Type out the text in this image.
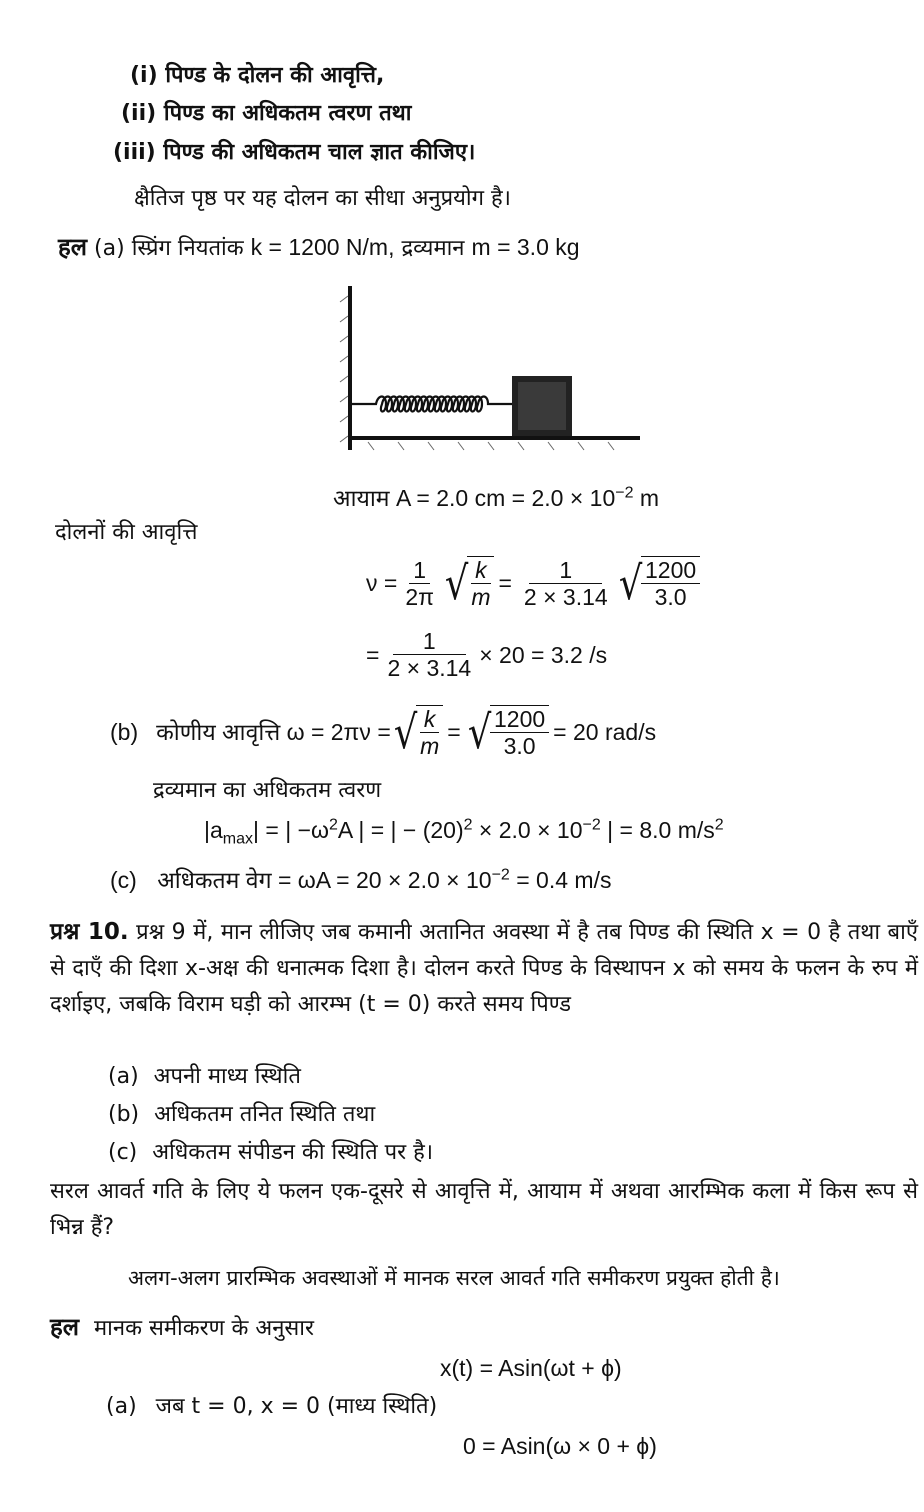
(i) पिण्ड के दोलन की आवृत्ति,
(ii) पिण्ड का अधिकतम त्वरण तथा
(iii) पिण्ड की अधिकतम चाल ज्ञात कीजिए।
क्षैतिज पृष्ठ पर यह दोलन का सीधा अनुप्रयोग है।
हल (a) स्प्रिंग नियतांक k = 1200 N/m, द्रव्यमान m = 3.0 kg
आयाम A = 2.0 cm = $2.0 \times 10^{-2}$ m
दोलनों की आवृत्ति
$\nu = \frac{1}{2\pi}$ √
$\frac{k}{m} = \frac{1}{2 \times 3.14}$ √
$\frac{1200}{3.0}$
= $\frac{1}{2 \times 3.14} \times 20 = 3.2$ /s
(b) कोणीय आवृत्ति ω = 2πν = √
$\frac{k}{m}$ = √
$\frac{1200}{3.0} = 20$ rad/s
द्रव्यमान का अधिकतम त्वरण
$|a_{max}|$ = | $-\omega^2A$ | = | − $(20)^2 \times 2.0 \times 10^{-2}$ | = 8.0 $m/s^2$
(c) अधिकतम वेग = $\omega A = 20 \times 2.0 \times 10^{-2} = 0.4$ m/s
प्रश्न 10. प्रश्न 9 में, मान लीजिए जब कमानी अतानित अवस्था में है तब पिण्ड की स्थिति x = 0 है तथा बाएँ से दाएँ की दिशा x-अक्ष की धनात्मक दिशा है। दोलन करते पिण्ड के विस्थापन x को समय के फलन के रुप में दर्शाइए, जबकि विराम घड़ी को आरम्भ (t = 0) करते समय पिण्ड
(a) अपनी माध्य स्थिति
(b) अधिकतम तनित स्थिति तथा
(c) अधिकतम संपीडन की स्थिति पर है।
सरल आवर्त गति के लिए ये फलन एक-दूसरे से आवृत्ति में, आयाम में अथवा आरम्भिक कला में किस रूप से भिन्न हैं?
अलग-अलग प्रारम्भिक अवस्थाओं में मानक सरल आवर्त गति समीकरण प्रयुक्त होती है।
हल मानक समीकरण के अनुसार
x(t) = Asin(ωt + ϕ)
(a) जब t = 0, x = 0 (माध्य स्थिति)
0 = Asin(ω × 0 + ϕ)
